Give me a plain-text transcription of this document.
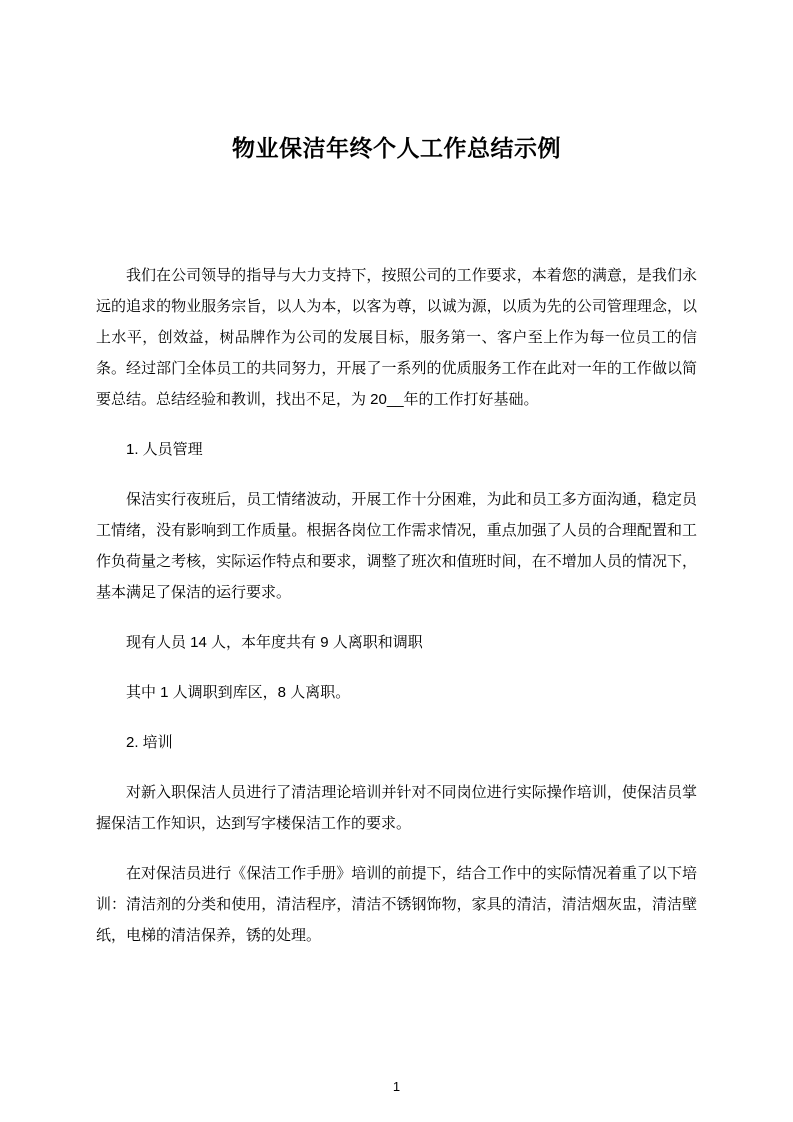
物业保洁年终个人工作总结示例

我们在公司领导的指导与大力支持下，按照公司的工作要求，本着您的满意，是我们永远的追求的物业服务宗旨，以人为本，以客为尊，以诚为源，以质为先的公司管理理念，以上水平，创效益，树品牌作为公司的发展目标，服务第一、客户至上作为每一位员工的信条。经过部门全体员工的共同努力，开展了一系列的优质服务工作在此对一年的工作做以简要总结。总结经验和教训，找出不足，为 20__年的工作打好基础。

1. 人员管理

保洁实行夜班后，员工情绪波动，开展工作十分困难，为此和员工多方面沟通，稳定员工情绪，没有影响到工作质量。根据各岗位工作需求情况，重点加强了人员的合理配置和工作负荷量之考核，实际运作特点和要求，调整了班次和值班时间，在不增加人员的情况下，基本满足了保洁的运行要求。

现有人员 14 人，本年度共有 9 人离职和调职

其中 1 人调职到库区，8 人离职。

2. 培训

对新入职保洁人员进行了清洁理论培训并针对不同岗位进行实际操作培训，使保洁员掌握保洁工作知识，达到写字楼保洁工作的要求。

在对保洁员进行《保洁工作手册》培训的前提下，结合工作中的实际情况着重了以下培训：清洁剂的分类和使用，清洁程序，清洁不锈钢饰物，家具的清洁，清洁烟灰盅，清洁壁纸，电梯的清洁保养，锈的处理。

1
